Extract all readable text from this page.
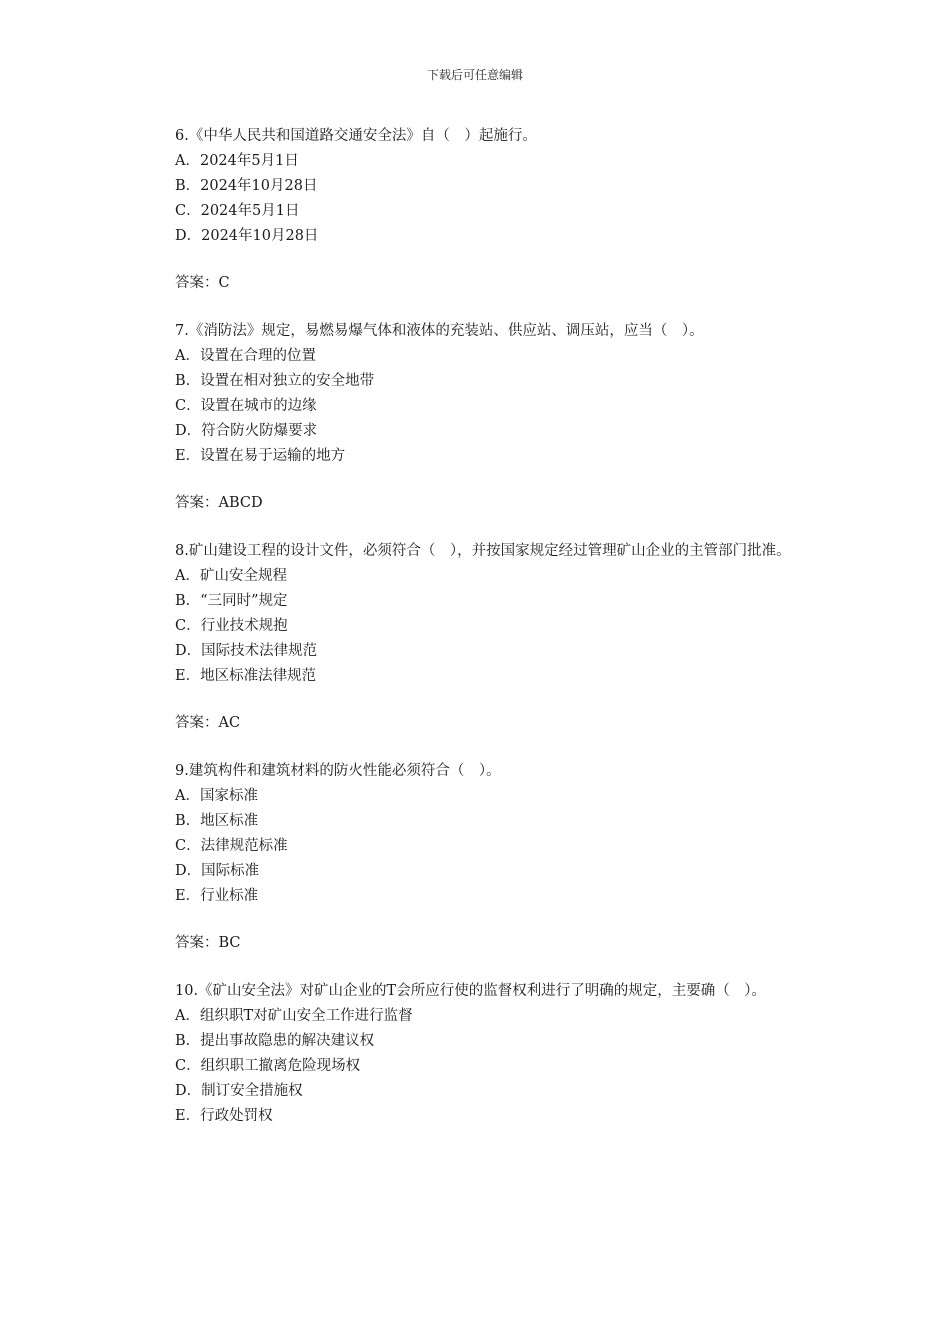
下载后可任意编辑

6.《中华人民共和国道路交通安全法》自（　）起施行。

A．2024年5月1日
B．2024年10月28日
C．2024年5月1日
D．2024年10月28日
答案：C

7.《消防法》规定，易燃易爆气体和液体的充装站、供应站、调压站，应当（　）。

A．设置在合理的位置
B．设置在相对独立的安全地带
C．设置在城市的边缘
D．符合防火防爆要求
E．设置在易于运输的地方
答案：ABCD

8.矿山建设工程的设计文件，必须符合（　），并按国家规定经过管理矿山企业的主管部门批准。

A．矿山安全规程
B．“三同时”规定
C．行业技术规抱
D．国际技术法律规范
E．地区标准法律规范
答案：AC

9.建筑构件和建筑材料的防火性能必须符合（　）。

A．国家标准
B．地区标准
C．法律规范标准
D．国际标准
E．行业标准
答案：BC

10.《矿山安全法》对矿山企业的T会所应行使的监督权利进行了明确的规定，主要确（　）。

A．组织职T对矿山安全工作进行监督
B．提出事故隐患的解决建议权
C．组织职工撤离危险现场权
D．制订安全措施权
E．行政处罚权
